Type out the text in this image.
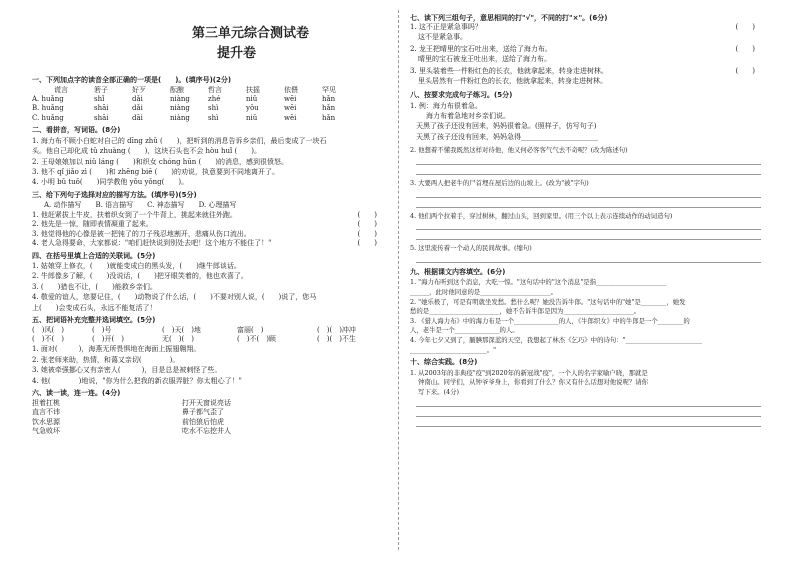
第三单元综合测试卷
提升卷
一、下列加点字的读音全部正确的一项是(　　)。(填序号)(2分)
谎言	箬子	好歹	酝酿	哲言	扶摇	依偎	罕见
A. huǎng	shǐ	dǎi	niàng	zhé	niǔ	wēi	hǎn
B. huǎng	shāi	dǎi	niàng	shì	yǒu	wēi	hǎn
C. huǎng	shāi	dāi	niàng	shì	niǔ	wěi	hǎn
二、看拼音，写词语。(8分)
1. 海力布不顾小白蛇对自己的 dīng zhǔ (　　)，把听到的消息告诉乡亲们，最后变成了一块石
头。他自己却化成 tǔ zhuàng (　　)，这块石头也不会 hòu huǐ (　　)。
2. 王母娘娘加以 niǔ láng (　　)和织女 chóng hūn (　　)的消息，感到很愤怒。
3. 他不 qǐ jiǎo zì (　　)和 zhēng biē (　　)的劝说，执意要到不同地离开了。
4. 小明 bǔ tuǒ(　　)同学教他 yǒu yǒng(　　)。
三、给下列句子选择对应的描写方法。(填序号)(5分)
A. 动作描写　　B. 语言描写　　C. 神态描写　　D. 心理描写
1. 他赶紧拔上牛皮，扶着织女到了一个牛背上，挑起来就往外跑。	(　　)
2. 他先是一惊，随即表情凝重了起来。	(　　)
3. 他觉得他的心像是被一把钝了的刀子残忍地割开，悲痛从伤口流出。	(　　)
4. 老人急得要命，大家都说："咱们赶快说到别处去吧！这个地方不能住了！"	(　　)
四、在括号里填上合适的关联词。(5分)
1. 姑娘穿上修衣，(　　)就能变成白的黑头发，(　　)继牛郎谈话。
2. 牛郎像多了解，(　　)没说话，(　　)把牙眼笑着的，他也欢喜了。
3. (　　)猎也不让，(　　)能救乡亲们。
4. 敬爱的谊人，您要记住，(　　)动物说了什么话，(　　)不要对别人说，(　　)说了，您马
上(　　)会变成石头，永远不能复活了！
五、把词语补充完整并选词填空。(5分)
(　)风(　)	(　)号	(　)天(　)地	富丽(　)	(　)(　)冲冲
(　)不(　)	(　)开(　)	无(　)(　)	(　)不(　)顾	(　)(　)不生
1. 面对(　　　)，海燕无所畏惧地在海面上振翅翱翔。
2. 张老师来助，热情，和蔼又亲切(　　　　)。
3. 她被牵强挪心又有亲密人(　　　)，目是总是被刺怪了些。
4. 他(　　　　)地说，"你为什么把我的新衣服弄脏？你太粗心了！"
六、读一读，连一连。(4分)
担着扛桃
直言不讳
饮水思源
气急败坏
打开天窗说亮话
鼻子都气歪了
前怕狼后怕虎
吃水不忘挖井人
七、读下列三组句子，意思相同的打"√"，不同的打"×"。(6分)
1. 这不正是紧急事吗？	(　　)
这不是紧急事。
2. 龙王把晴里的宝石吐出来，送给了海力布。	(　　)
晴里的宝石被龙王吐出来，送给了海力布。
3. 里头装着些一件粉红色的长衣，他就拿起来，转身走进树林。	(　　)
里头居然有一件粉红色的长衣，他就拿起来，转身走进树林。
八、按要求完成句子练习。(5分)
1. 例：海力布很着急。
海力布着急地对乡亲们说。
天黑了孩子还没有回来，妈妈很着急。(照样子，仿写句子)
天黑了孩子还没有回来，妈妈急得______________________
2. 他想着不懂我既然这样对待他，他又何必客客气气去不奇呢？(改为陈述句)
3. 大要两人把老牛的尸首埋在屋后边的山坡上。(改为"被"字句)
4. 他们两个拉着手，穿过树林，翻过山头，回到家里。(用三个以上表示连续动作的动词造句)
5. 这里流传着一个动人的民间故事。(缩句)
九、根据课文内容填空。(6分)
1. "海力布听到这个消息，大吃一惊。"这句话中的"这个消息"是指______________________
______，此时他同意的是______________________。
2. "她乐极了，可是有明就坐发愁。愁什么呢？她没告诉牛郎。"这句话中的"她"是________，她发
愁的是______________________，她不告诉牛郎是因为______________________。
3. 《猎人海力布》中的海力布是一个______________的人，《牛郎织女》中的牛郎是一个________的
人，老牛是一个______________的人。
4. 今年七夕又到了，腼腆那深蓝的天空，我想起了林杰《乞巧》中的诗句："________________________
________________________。"
十、综合实践。(8分)
1. 从2003年的非典疫"疫"到2020年的新冠战"疫"，一个人的名字家喻户晓，那就是
钟南山。同学们，从钟爷爷身上，你看到了什么？你又有什么话想对他说呢？请你
写下来。(4分)
